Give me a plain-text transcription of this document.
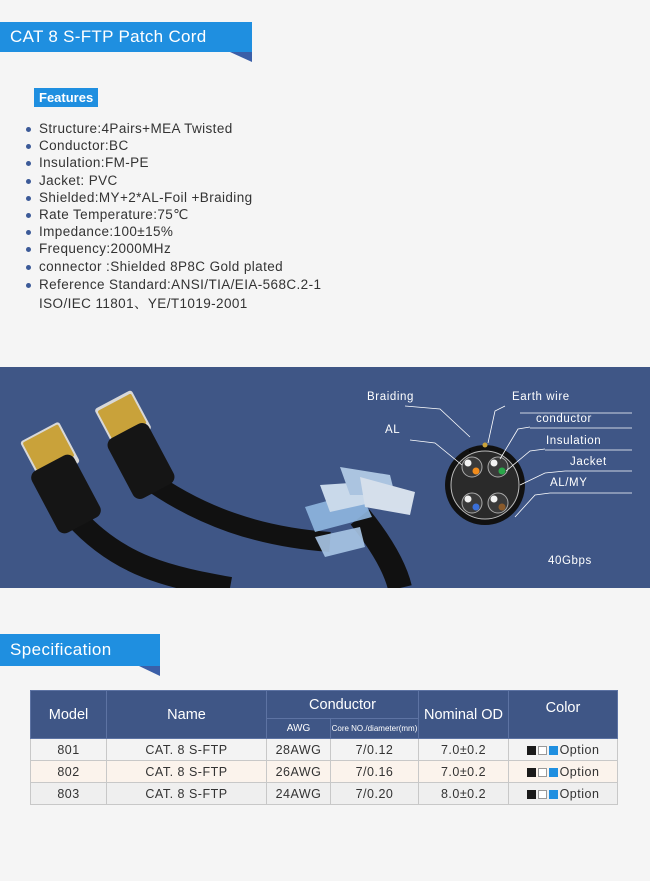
CAT 8 S-FTP Patch Cord
Features
Structure:4Pairs+MEA Twisted
Conductor:BC
Insulation:FM-PE
Jacket: PVC
Shielded:MY+2*AL-Foil +Braiding
Rate Temperature:75℃
Impedance:100±15%
Frequency:2000MHz
connector :Shielded 8P8C Gold plated
Reference Standard:ANSI/TIA/EIA-568C.2-1 ISO/IEC 11801、YE/T1019-2001
Braiding
AL
Earth wire
conductor
Insulation
Jacket
AL/MY
40Gbps
Specification
Model	Name	Conductor		Nominal OD	Color
		AWG	Core NO./diameter(mm)		
801	CAT. 8 S-FTP	28AWG	7/0.12	7.0±0.2	Option
802	CAT. 8 S-FTP	26AWG	7/0.16	7.0±0.2	Option
803	CAT. 8 S-FTP	24AWG	7/0.20	8.0±0.2	Option
